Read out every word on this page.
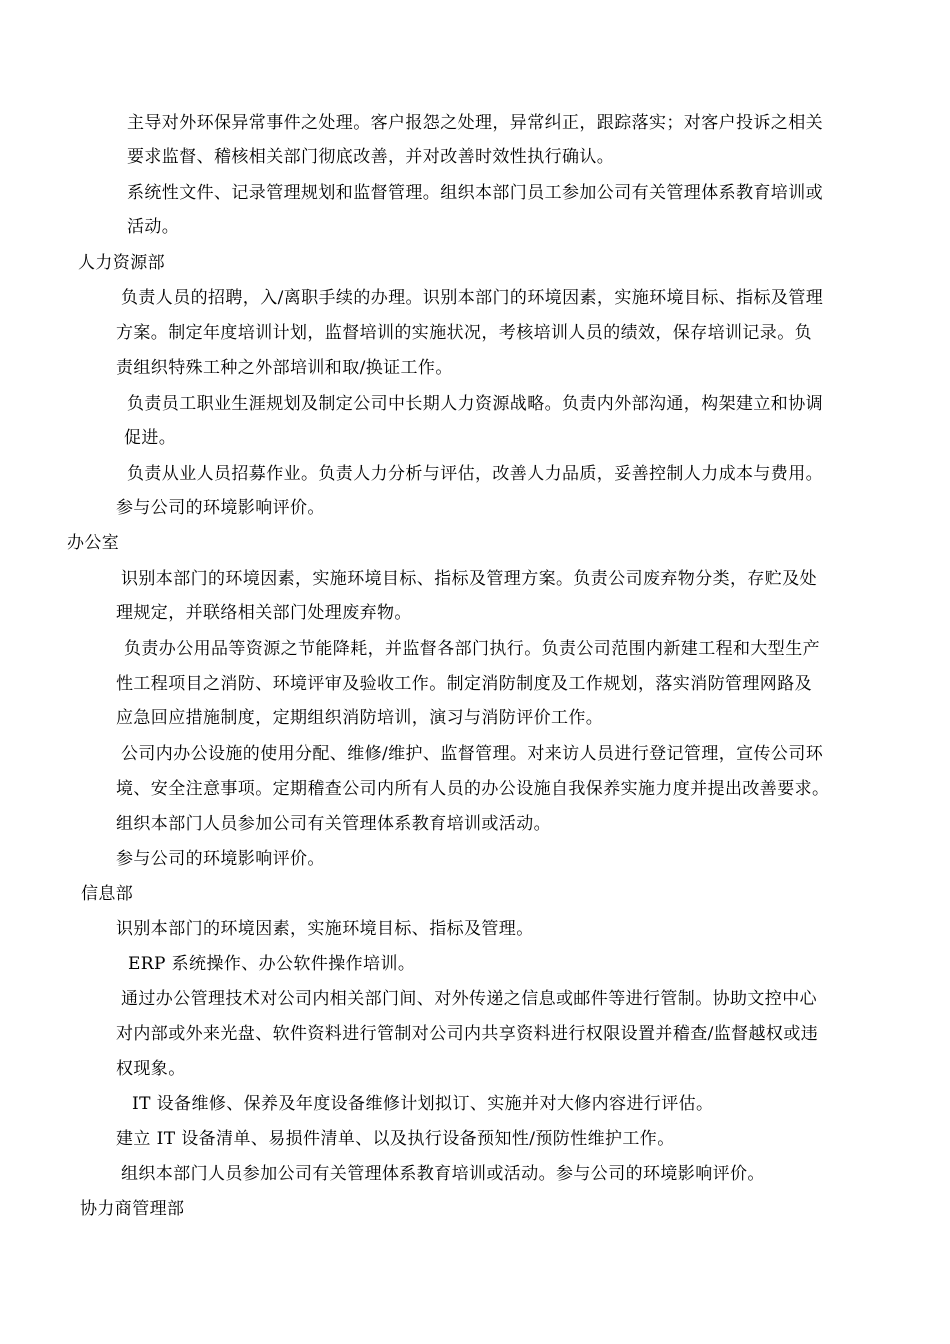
主导对外环保异常事件之处理。客户报怨之处理，异常纠正，跟踪落实；对客户投诉之相关
要求监督、稽核相关部门彻底改善，并对改善时效性执行确认。
系统性文件、记录管理规划和监督管理。组织本部门员工参加公司有关管理体系教育培训或
活动。
人力资源部
负责人员的招聘，入/离职手续的办理。识别本部门的环境因素，实施环境目标、指标及管理
方案。制定年度培训计划，监督培训的实施状况，考核培训人员的绩效，保存培训记录。负
责组织特殊工种之外部培训和取/换证工作。
负责员工职业生涯规划及制定公司中长期人力资源战略。负责内外部沟通，构架建立和协调
促进。
负责从业人员招募作业。负责人力分析与评估，改善人力品质，妥善控制人力成本与费用。
参与公司的环境影响评价。
办公室
识别本部门的环境因素，实施环境目标、指标及管理方案。负责公司废弃物分类，存贮及处
理规定，并联络相关部门处理废弃物。
负责办公用品等资源之节能降耗，并监督各部门执行。负责公司范围内新建工程和大型生产
性工程项目之消防、环境评审及验收工作。制定消防制度及工作规划，落实消防管理网路及
应急回应措施制度，定期组织消防培训，演习与消防评价工作。
公司内办公设施的使用分配、维修/维护、监督管理。对来访人员进行登记管理，宣传公司环
境、安全注意事项。定期稽查公司内所有人员的办公设施自我保养实施力度并提出改善要求。
组织本部门人员参加公司有关管理体系教育培训或活动。
参与公司的环境影响评价。
信息部
识别本部门的环境因素，实施环境目标、指标及管理。
ERP 系统操作、办公软件操作培训。
通过办公管理技术对公司内相关部门间、对外传递之信息或邮件等进行管制。协助文控中心
对内部或外来光盘、软件资料进行管制对公司内共享资料进行权限设置并稽查/监督越权或违
权现象。
IT 设备维修、保养及年度设备维修计划拟订、实施并对大修内容进行评估。
建立 IT 设备清单、易损件清单、以及执行设备预知性/预防性维护工作。
组织本部门人员参加公司有关管理体系教育培训或活动。参与公司的环境影响评价。
协力商管理部
